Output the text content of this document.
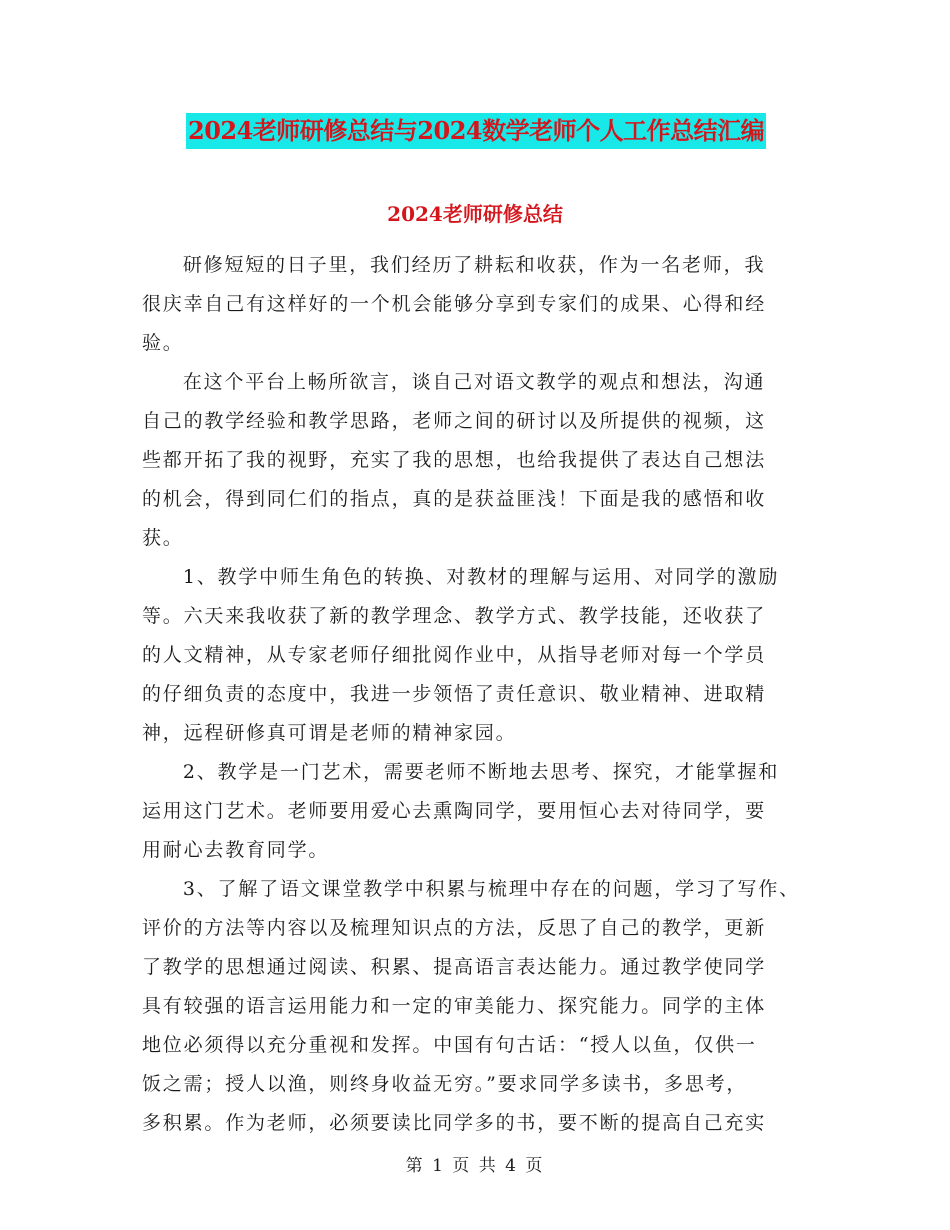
2024老师研修总结与2024数学老师个人工作总结汇编
2024老师研修总结

研修短短的日子里，我们经历了耕耘和收获，作为一名老师，我
很庆幸自己有这样好的一个机会能够分享到专家们的成果、心得和经
验。

在这个平台上畅所欲言，谈自己对语文教学的观点和想法，沟通
自己的教学经验和教学思路，老师之间的研讨以及所提供的视频，这
些都开拓了我的视野，充实了我的思想，也给我提供了表达自己想法
的机会，得到同仁们的指点，真的是获益匪浅！下面是我的感悟和收
获。

1、教学中师生角色的转换、对教材的理解与运用、对同学的激励
等。六天来我收获了新的教学理念、教学方式、教学技能，还收获了
的人文精神，从专家老师仔细批阅作业中，从指导老师对每一个学员
的仔细负责的态度中，我进一步领悟了责任意识、敬业精神、进取精
神，远程研修真可谓是老师的精神家园。

2、教学是一门艺术，需要老师不断地去思考、探究，才能掌握和
运用这门艺术。老师要用爱心去熏陶同学，要用恒心去对待同学，要
用耐心去教育同学。

3、了解了语文课堂教学中积累与梳理中存在的问题，学习了写作、
评价的方法等内容以及梳理知识点的方法，反思了自己的教学，更新
了教学的思想通过阅读、积累、提高语言表达能力。通过教学使同学
具有较强的语言运用能力和一定的审美能力、探究能力。同学的主体
地位必须得以充分重视和发挥。中国有句古话：“授人以鱼，仅供一
饭之需；授人以渔，则终身收益无穷。”要求同学多读书，多思考，
多积累。作为老师，必须要读比同学多的书，要不断的提高自己充实

第 1 页 共 4 页
